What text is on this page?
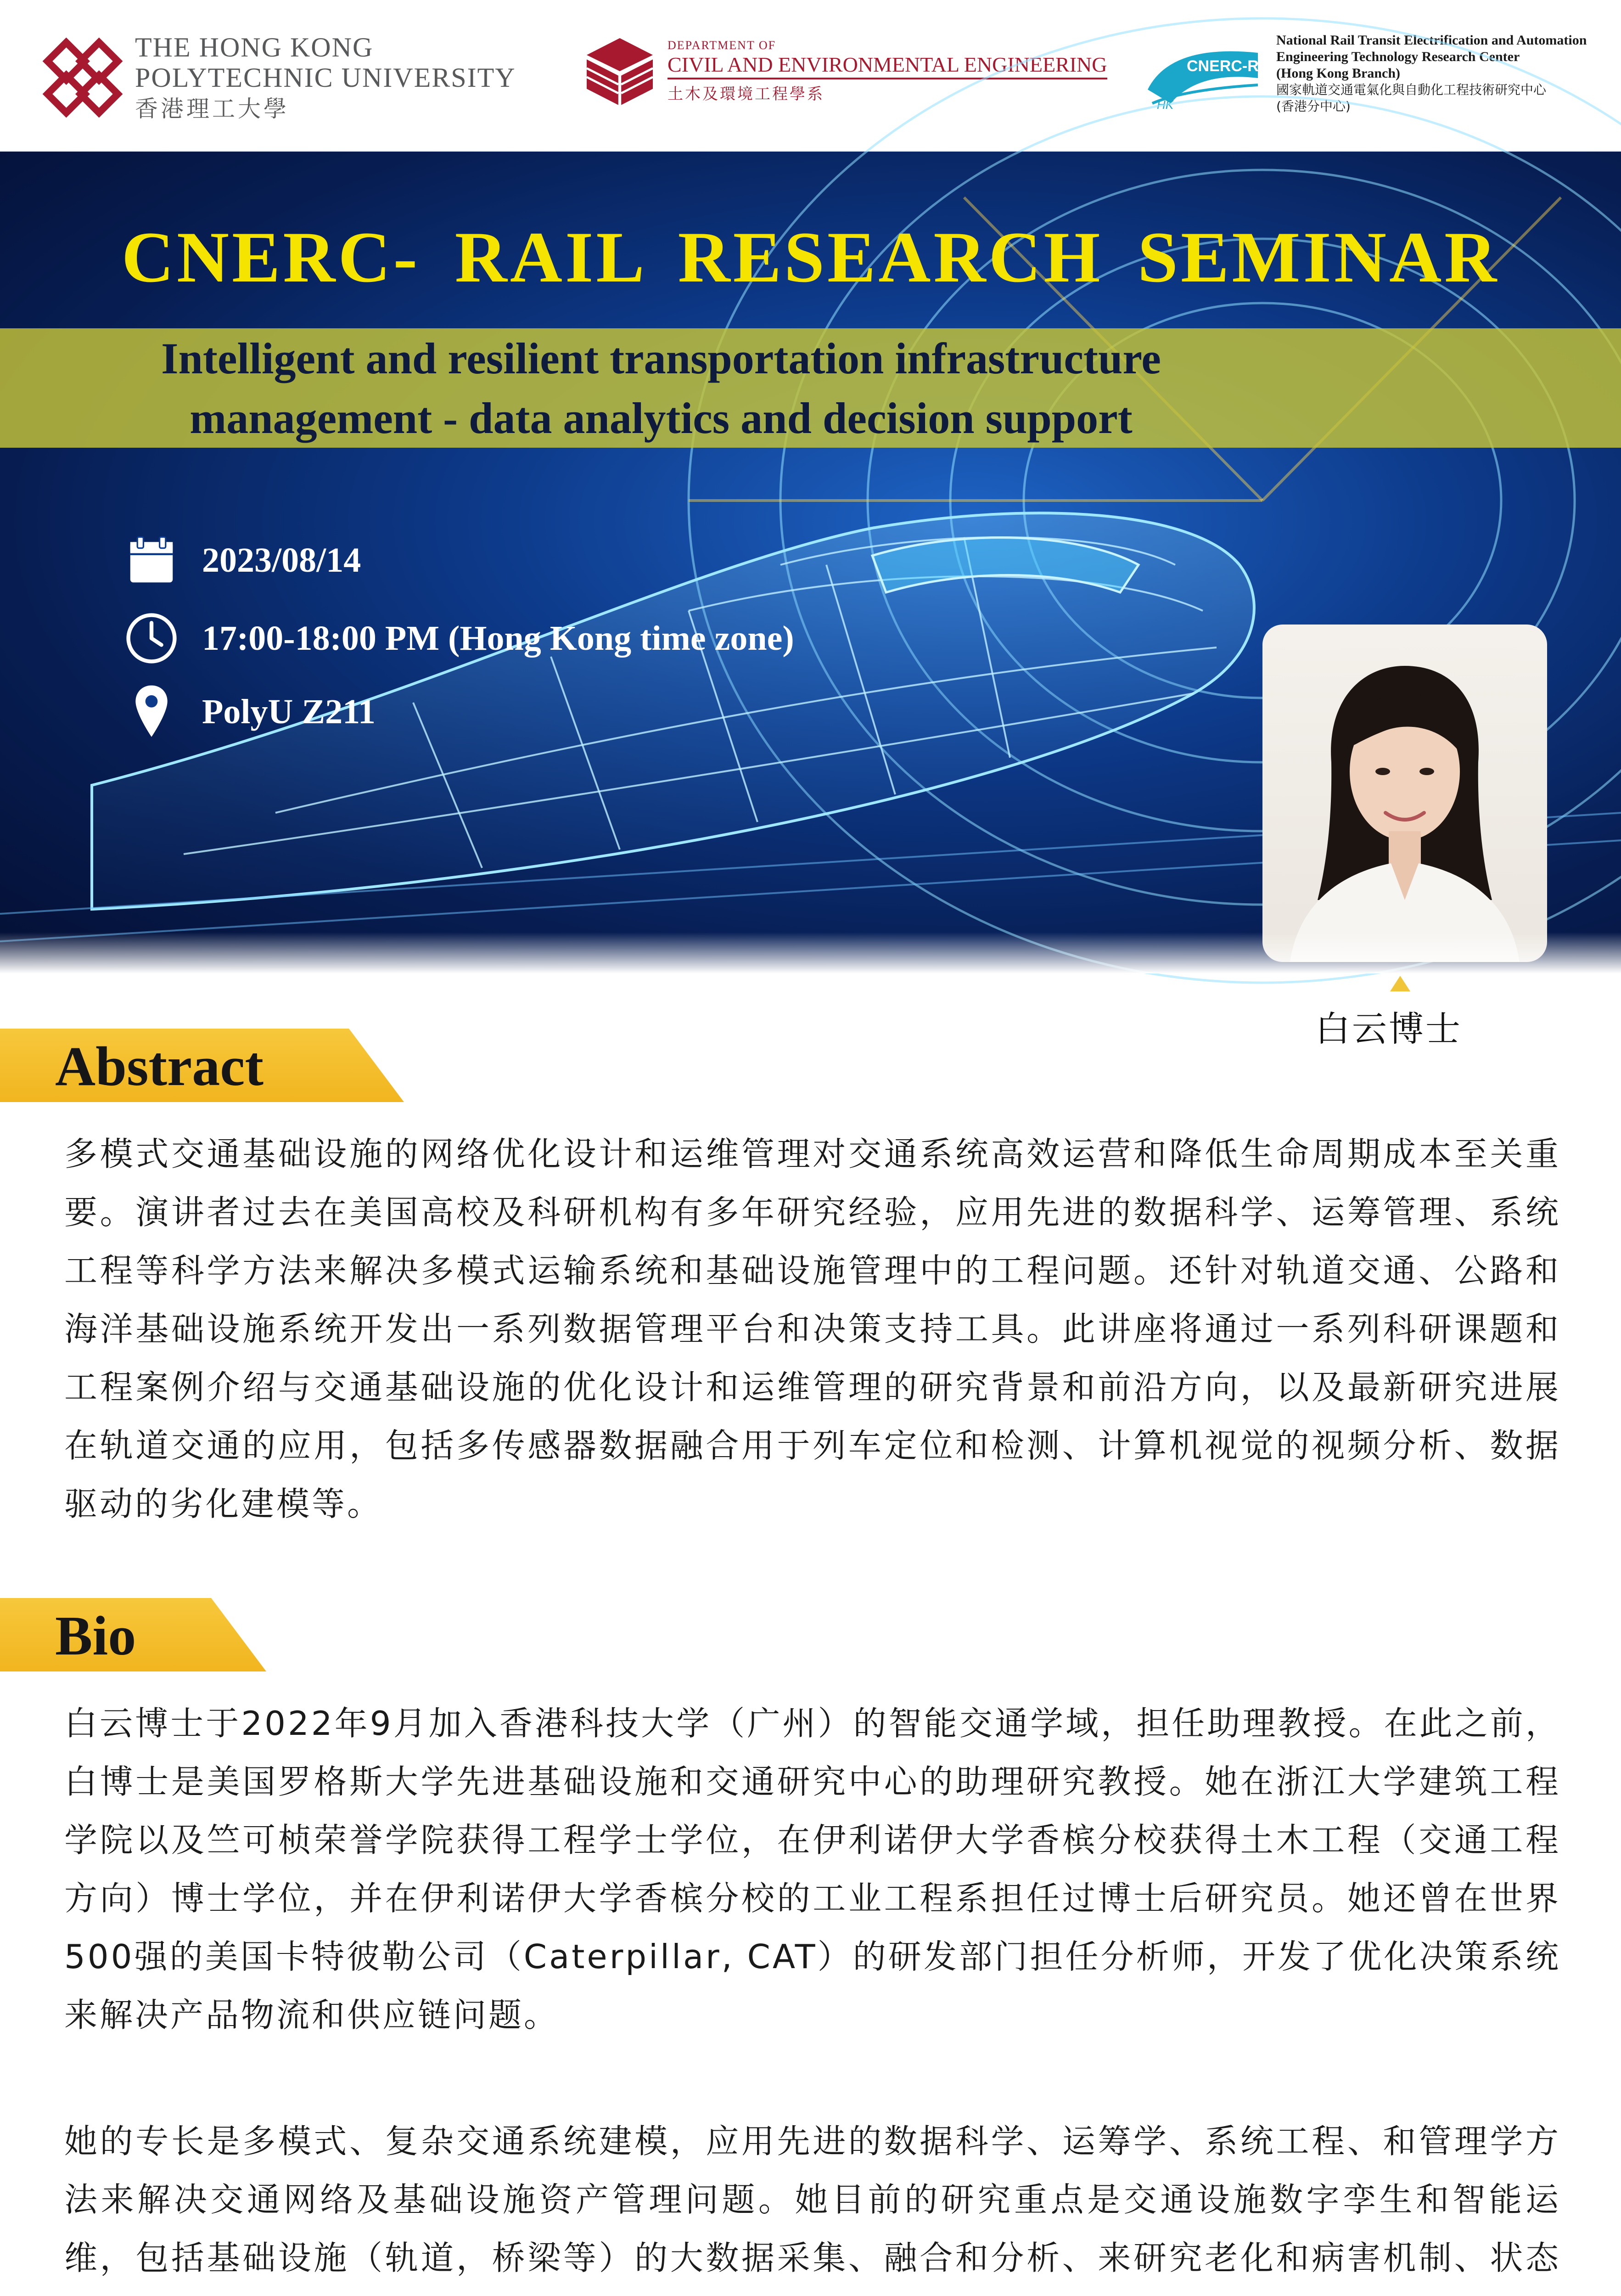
THE HONG KONG
POLYTECHNIC UNIVERSITY
香港理工大學
DEPARTMENT OF
CIVIL AND ENVIRONMENTAL ENGINEERING
土木及環境工程學系
CNERC-Rail
HK
National Rail Transit Electrification and Automation
Engineering Technology Research Center
(Hong Kong Branch)
國家軌道交通電氣化與自動化工程技術研究中心
(香港分中心)
CNERC- RAIL RESEARCH SEMINAR
Intelligent and resilient transportation infrastructure
management - data analytics and decision support
2023/08/14
17:00-18:00 PM (Hong Kong time zone)
PolyU Z211
白云博士
Abstract

多模式交通基础设施的网络优化设计和运维管理对交通系统高效运营和降低生命周期成本至关重要。演讲者过去在美国高校及科研机构有多年研究经验，应用先进的数据科学、运筹管理、系统工程等科学方法来解决多模式运输系统和基础设施管理中的工程问题。还针对轨道交通、公路和海洋基础设施系统开发出一系列数据管理平台和决策支持工具。此讲座将通过一系列科研课题和工程案例介绍与交通基础设施的优化设计和运维管理的研究背景和前沿方向，以及最新研究进展在轨道交通的应用，包括多传感器数据融合用于列车定位和检测、计算机视觉的视频分析、数据驱动的劣化建模等。

Bio

白云博士于2022年9月加入香港科技大学（广州）的智能交通学域，担任助理教授。在此之前，白博士是美国罗格斯大学先进基础设施和交通研究中心的助理研究教授。她在浙江大学建筑工程学院以及竺可桢荣誉学院获得工程学士学位，在伊利诺伊大学香槟分校获得土木工程（交通工程方向）博士学位，并在伊利诺伊大学香槟分校的工业工程系担任过博士后研究员。她还曾在世界500强的美国卡特彼勒公司（Caterpillar, CAT）的研发部门担任分析师，开发了优化决策系统来解决产品物流和供应链问题。

她的专长是多模式、复杂交通系统建模，应用先进的数据科学、运筹学、系统工程、和管理学方法来解决交通网络及基础设施资产管理问题。她目前的研究重点是交通设施数字孪生和智能运维，包括基础设施（轨道，桥梁等）的大数据采集、融合和分析、来研究老化和病害机制、状态
